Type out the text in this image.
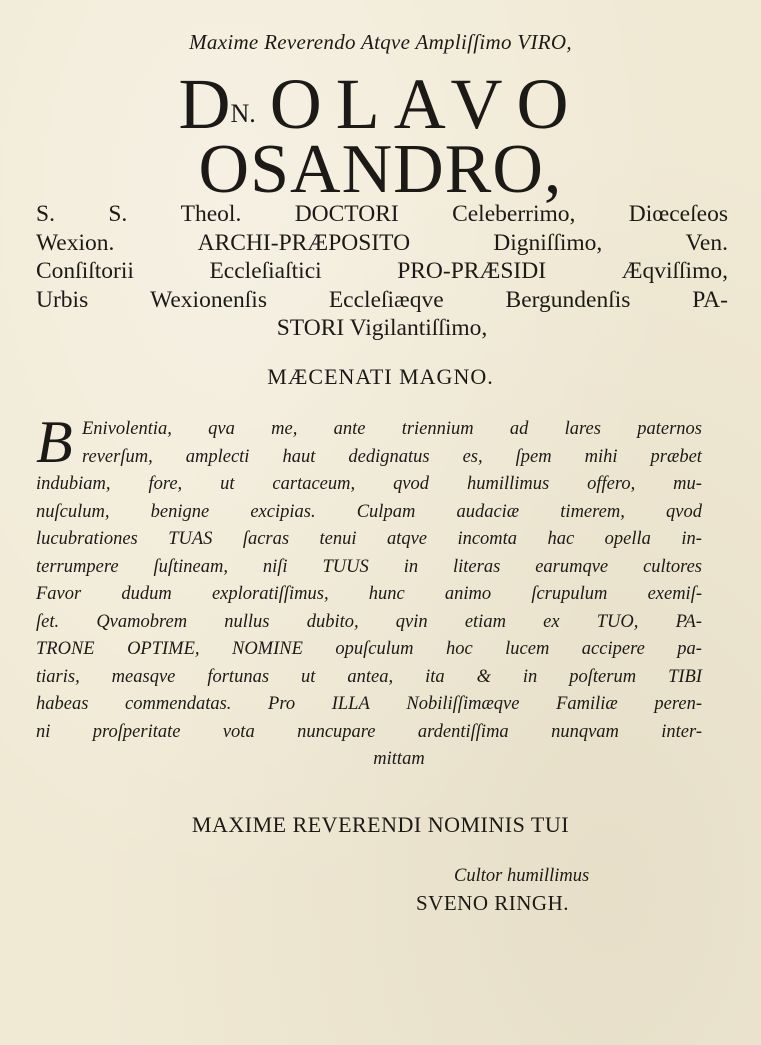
Maxime Reverendo Atqve Ampliſſimo VIRO,
DN. OLAVO
OSANDRO,
S. S. Theol. DOCTORI Celeberrimo, Diœceſeos
Wexion.	ARCHI-PRÆPOSITO	Digniſſimo,	Ven.
Conſiſtorii	Eccleſiaſtici	PRO-PRÆSIDI	Æqviſſimo,
Urbis	Wexionenſis	Eccleſiæqve	Bergundenſis	PA-
STORI Vigilantiſſimo,
MÆCENATI MAGNO.
B Enivolentia, qva me, ante triennium ad lares paternos
reverſum, amplecti haut dedignatus es, ſpem mihi præbet
indubiam, fore, ut cartaceum, qvod humillimus offero, mu-
nuſculum, benigne excipias. Culpam audaciæ timerem, qvod
lucubrationes TUAS ſacras tenui atqve incomta hac opella in-
terrumpere ſuſtineam, niſi TUUS in literas earumqve cultores
Favor dudum exploratiſſimus, hunc animo ſcrupulum exemiſ-
ſet. Qvamobrem nullus dubito, qvin etiam ex TUO, PA-
TRONE OPTIME, NOMINE opuſculum hoc lucem accipere pa-
tiaris, measqve fortunas ut antea, ita & in poſterum TIBI
habeas commendatas. Pro ILLA Nobiliſſimæqve Familiæ peren-
ni proſperitate vota nuncupare ardentiſſima nunqvam inter-
mittam
MAXIME REVERENDI NOMINIS TUI
Cultor humillimus
SVENO RINGH.
